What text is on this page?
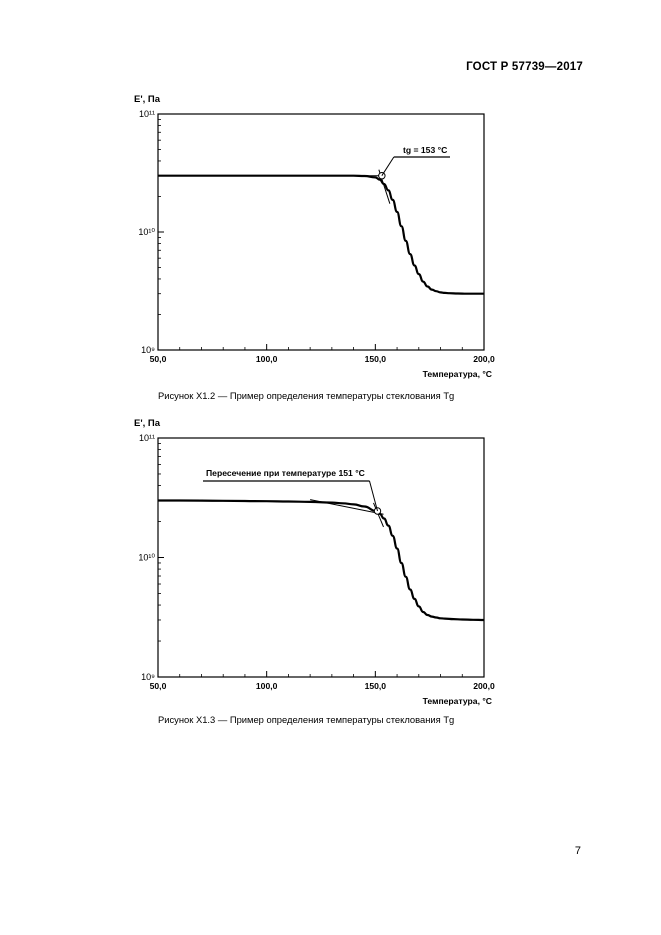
ГОСТ Р 57739—2017
10⁹
10¹⁰
10¹¹
E', Па
50,0	100,0	150,0	200,0
Температура, °C
tg = 153 °C
Рисунок X1.2 — Пример определения температуры стеклования Tg
10⁹
10¹⁰
10¹¹
E', Па
50,0	100,0	150,0	200,0
Температура, °C
Пересечение при температуре 151 °C
Рисунок X1.3 — Пример определения температуры стеклования Tg
7
